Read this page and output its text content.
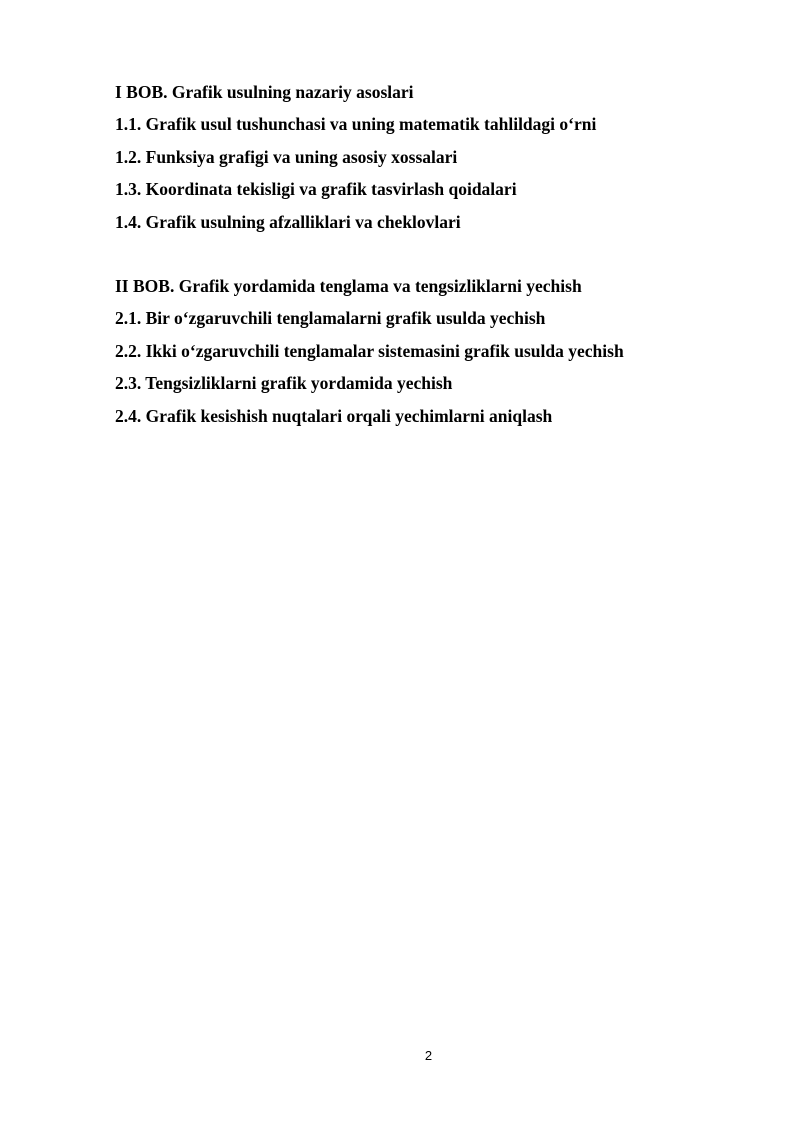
I BOB. Grafik usulning nazariy asoslari

1.1. Grafik usul tushunchasi va uning matematik tahlildagi o‘rni

1.2. Funksiya grafigi va uning asosiy xossalari

1.3. Koordinata tekisligi va grafik tasvirlash qoidalari

1.4. Grafik usulning afzalliklari va cheklovlari

II BOB. Grafik yordamida tenglama va tengsizliklarni yechish

2.1. Bir o‘zgaruvchili tenglamalarni grafik usulda yechish

2.2. Ikki o‘zgaruvchili tenglamalar sistemasini grafik usulda yechish

2.3. Tengsizliklarni grafik yordamida yechish

2.4. Grafik kesishish nuqtalari orqali yechimlarni aniqlash

2
